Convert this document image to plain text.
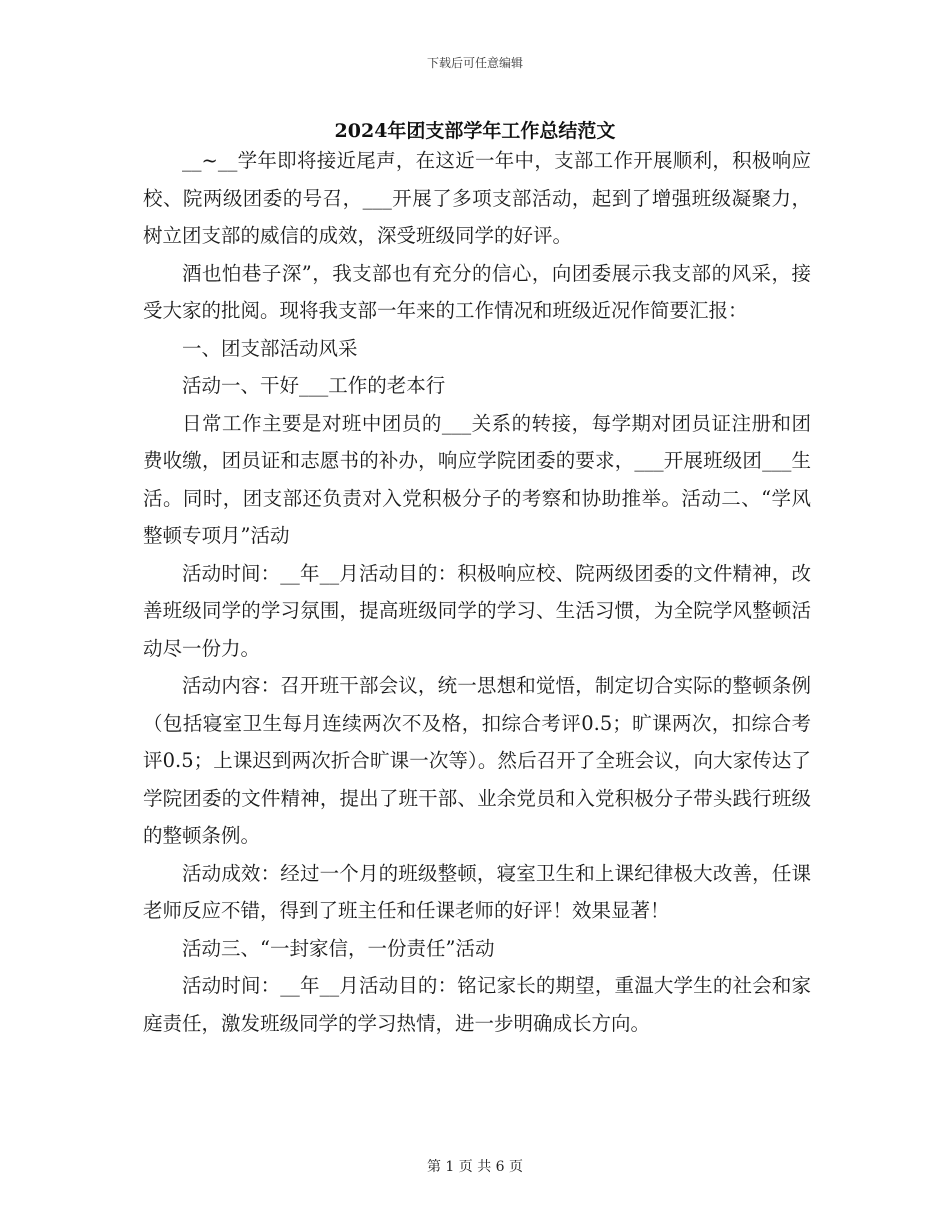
下载后可任意编辑
2024年团支部学年工作总结范文

__~__学年即将接近尾声，在这近一年中，支部工作开展顺利，积极响应校、院两级团委的号召，___开展了多项支部活动，起到了增强班级凝聚力，树立团支部的威信的成效，深受班级同学的好评。

酒也怕巷子深”，我支部也有充分的信心，向团委展示我支部的风采，接受大家的批阅。现将我支部一年来的工作情况和班级近况作简要汇报：

一、团支部活动风采

活动一、干好___工作的老本行

日常工作主要是对班中团员的___关系的转接，每学期对团员证注册和团费收缴，团员证和志愿书的补办，响应学院团委的要求，___开展班级团___生活。同时，团支部还负责对入党积极分子的考察和协助推举。活动二、“学风整顿专项月”活动

活动时间：__年__月活动目的：积极响应校、院两级团委的文件精神，改善班级同学的学习氛围，提高班级同学的学习、生活习惯，为全院学风整顿活动尽一份力。

活动内容：召开班干部会议，统一思想和觉悟，制定切合实际的整顿条例（包括寝室卫生每月连续两次不及格，扣综合考评0.5；旷课两次，扣综合考评0.5；上课迟到两次折合旷课一次等）。然后召开了全班会议，向大家传达了学院团委的文件精神，提出了班干部、业余党员和入党积极分子带头践行班级的整顿条例。

活动成效：经过一个月的班级整顿，寝室卫生和上课纪律极大改善，任课老师反应不错，得到了班主任和任课老师的好评！效果显著！

活动三、“一封家信，一份责任”活动

活动时间：__年__月活动目的：铭记家长的期望，重温大学生的社会和家庭责任，激发班级同学的学习热情，进一步明确成长方向。

第 1 页 共 6 页
